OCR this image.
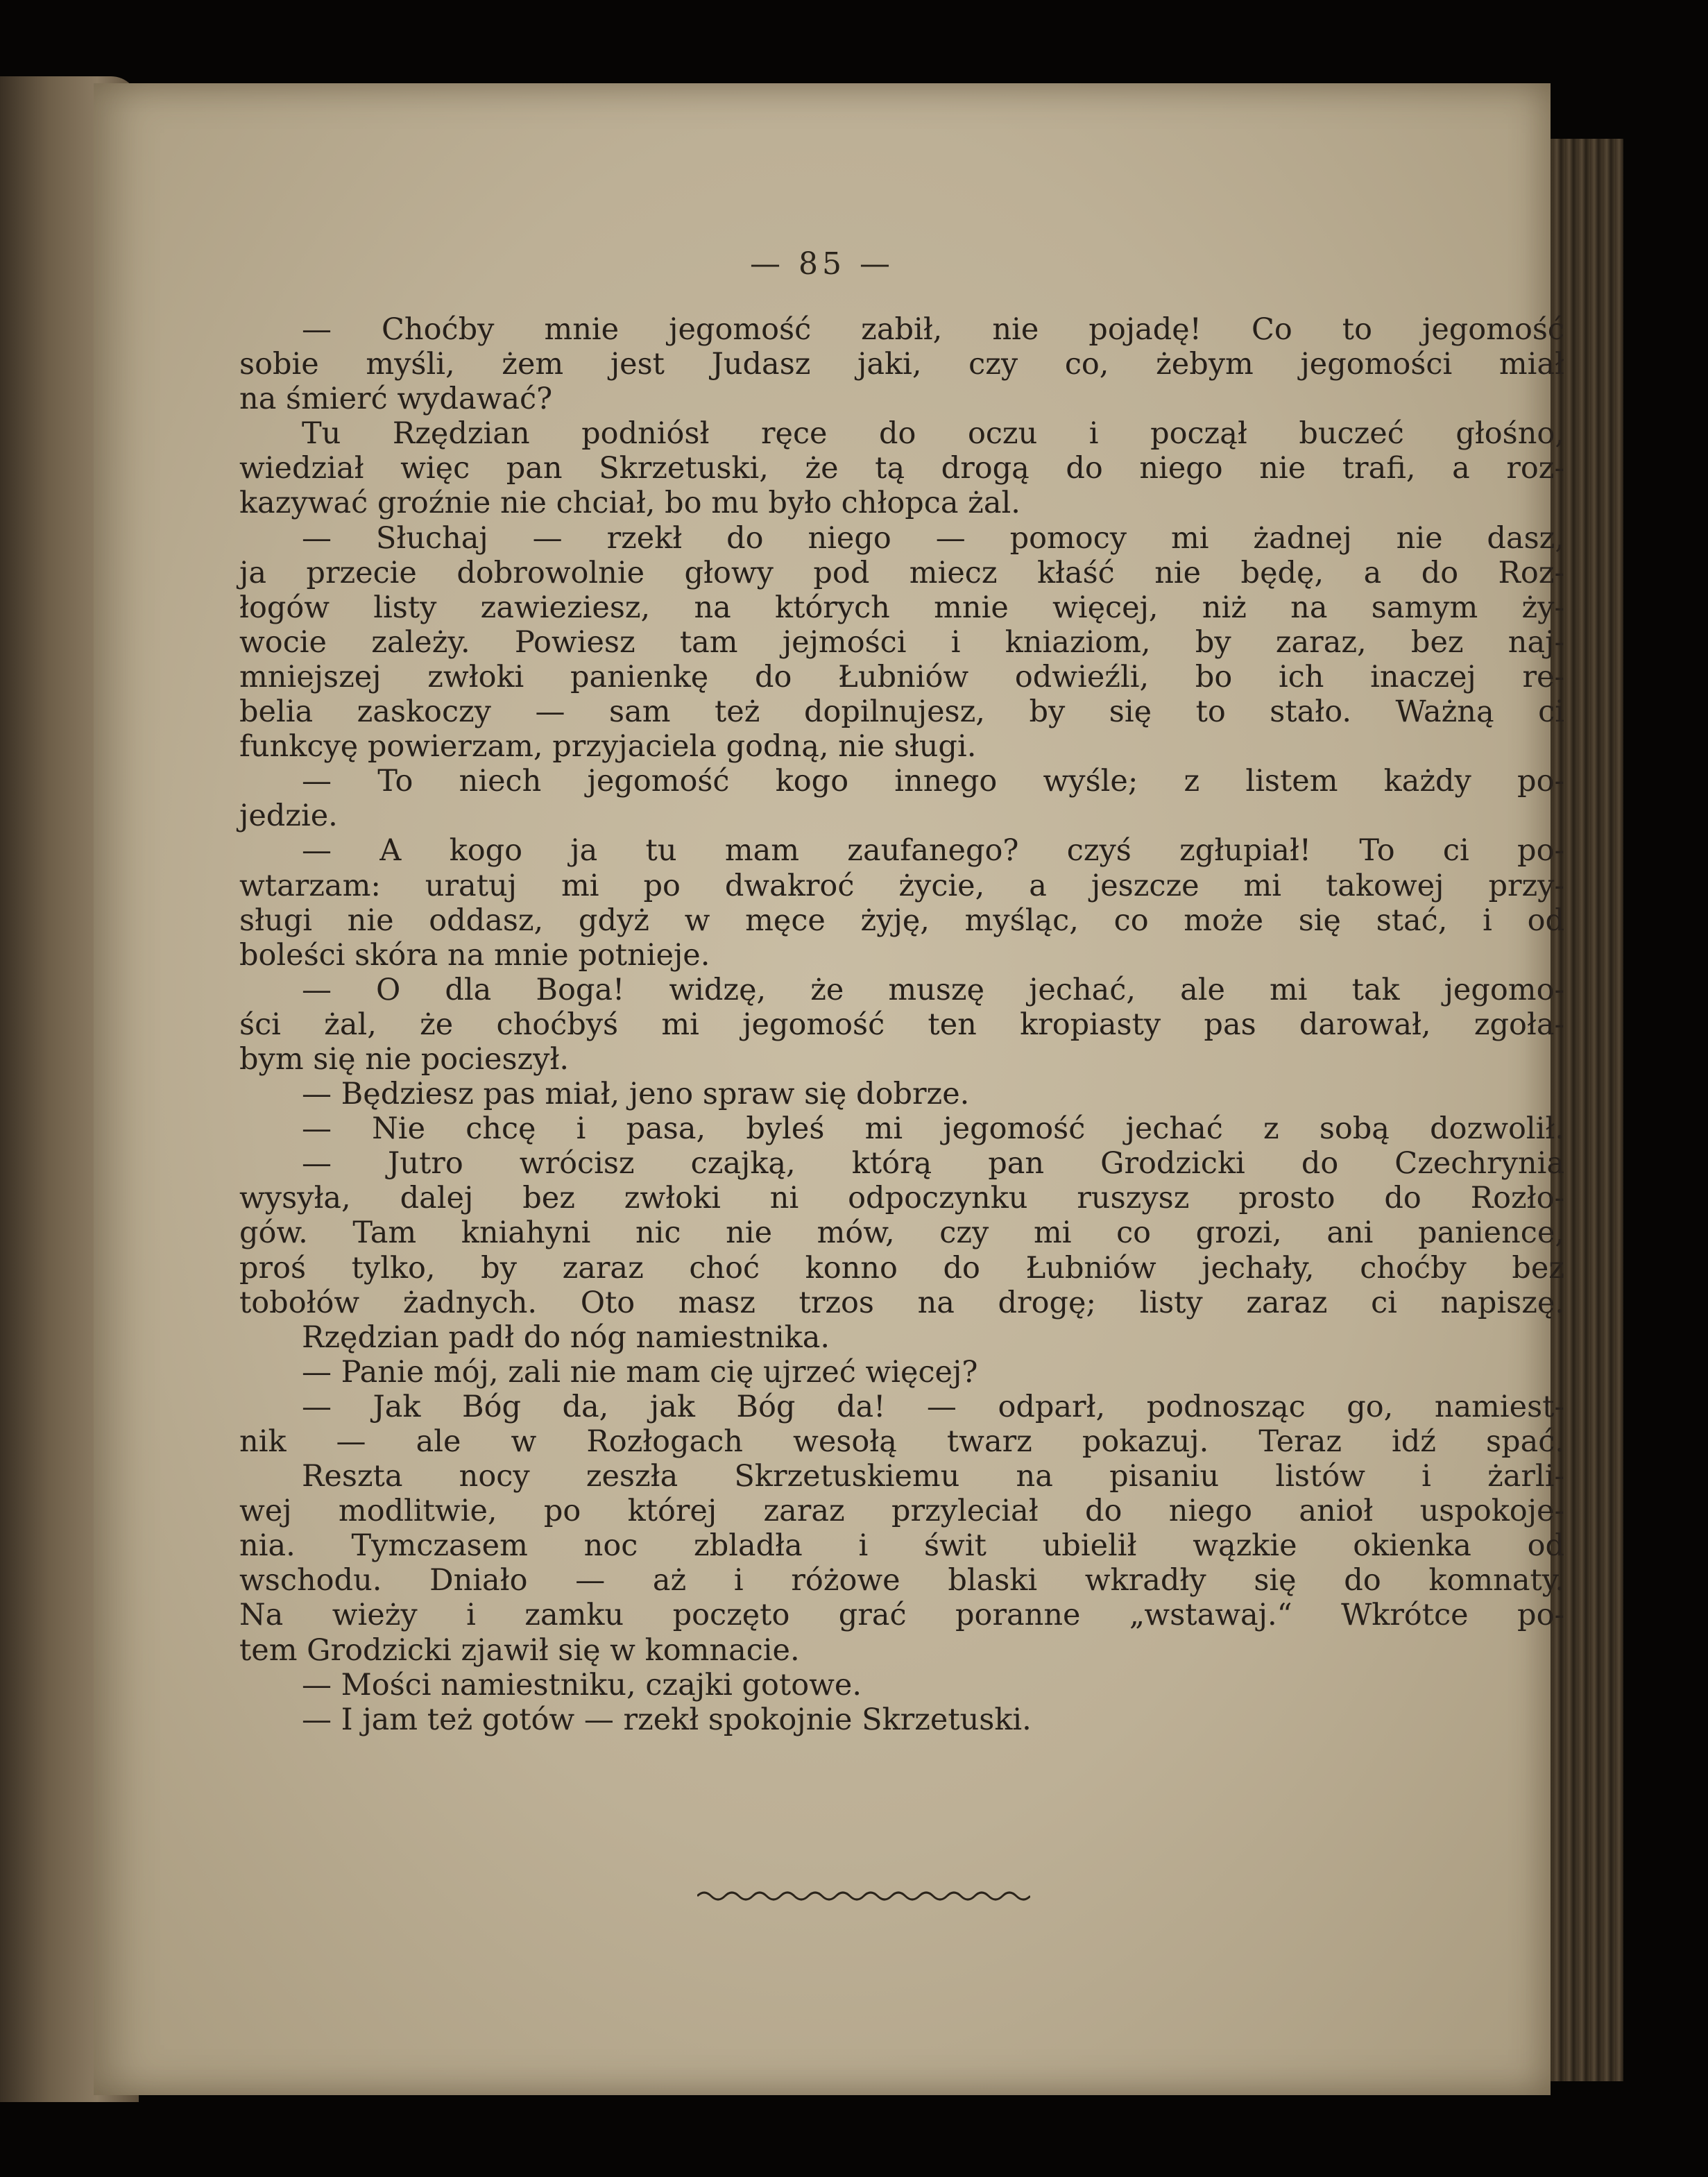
— 85 —
— Choćby mnie jegomość zabił, nie pojadę! Co to jegomość
sobie myśli, żem jest Judasz jaki, czy co, żebym jegomości miał
na śmierć wydawać?
Tu Rzędzian podniósł ręce do oczu i począł buczeć głośno,
wiedział więc pan Skrzetuski, że tą drogą do niego nie trafi, a roz-
kazywać groźnie nie chciał, bo mu było chłopca żal.
— Słuchaj — rzekł do niego — pomocy mi żadnej nie dasz,
ja przecie dobrowolnie głowy pod miecz kłaść nie będę, a do Roz-
łogów listy zawieziesz, na których mnie więcej, niż na samym ży-
wocie zależy. Powiesz tam jejmości i kniaziom, by zaraz, bez naj-
mniejszej zwłoki panienkę do Łubniów odwieźli, bo ich inaczej re-
belia zaskoczy — sam też dopilnujesz, by się to stało. Ważną ci
funkcyę powierzam, przyjaciela godną, nie sługi.
— To niech jegomość kogo innego wyśle; z listem każdy po-
jedzie.
— A kogo ja tu mam zaufanego? czyś zgłupiał! To ci po-
wtarzam: uratuj mi po dwakroć życie, a jeszcze mi takowej przy-
sługi nie oddasz, gdyż w męce żyję, myśląc, co może się stać, i od
boleści skóra na mnie potnieje.
— O dla Boga! widzę, że muszę jechać, ale mi tak jegomo-
ści żal, że choćbyś mi jegomość ten kropiasty pas darował, zgoła-
bym się nie pocieszył.
— Będziesz pas miał, jeno spraw się dobrze.
— Nie chcę i pasa, byleś mi jegomość jechać z sobą dozwolił.
— Jutro wrócisz czajką, którą pan Grodzicki do Czechrynia
wysyła, dalej bez zwłoki ni odpoczynku ruszysz prosto do Rozło-
gów. Tam kniahyni nic nie mów, czy mi co grozi, ani panience,
proś tylko, by zaraz choć konno do Łubniów jechały, choćby bez
tobołów żadnych. Oto masz trzos na drogę; listy zaraz ci napiszę.
Rzędzian padł do nóg namiestnika.
— Panie mój, zali nie mam cię ujrzeć więcej?
— Jak Bóg da, jak Bóg da! — odparł, podnosząc go, namiest-
nik — ale w Rozłogach wesołą twarz pokazuj. Teraz idź spać.
Reszta nocy zeszła Skrzetuskiemu na pisaniu listów i żarli-
wej modlitwie, po której zaraz przyleciał do niego anioł uspokoje-
nia. Tymczasem noc zbladła i świt ubielił wązkie okienka od
wschodu. Dniało — aż i różowe blaski wkradły się do komnaty.
Na wieży i zamku poczęto grać poranne „wstawaj.“ Wkrótce po-
tem Grodzicki zjawił się w komnacie.
— Mości namiestniku, czajki gotowe.
— I jam też gotów — rzekł spokojnie Skrzetuski.
